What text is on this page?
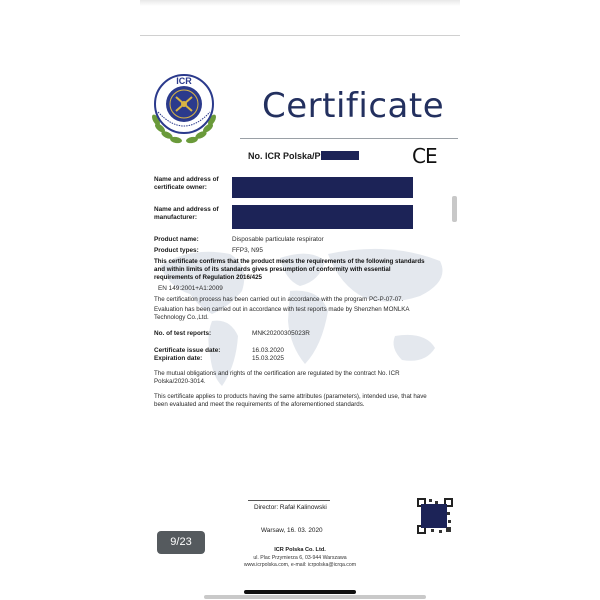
ICR
Certificate
No. ICR Polska/P	CE
Name and address of
certificate owner:
Name and address of
manufacturer:
Product name:	Disposable particulate respirator
Product types:	FFP3, N95
This certificate confirms that the product meets the requirements of the following standards
and within limits of its standards gives presumption of conformity with essential
requirements of Regulation 2016/425
EN 149:2001+A1:2009
The certification process has been carried out in accordance with the program PC-P-07-07.
Evaluation has been carried out in accordance with test reports made by Shenzhen MONLKA
Technology Co.,Ltd.
No. of test reports:	MNK20200305023R
Certificate issue date:	16.03.2020
Expiration date:	15.03.2025
The mutual obligations and rights of the certification are regulated by the contract No. ICR
Polska/2020-3014.
This certificate applies to products having the same attributes (parameters), intended use, that have
been evaluated and meet the requirements of the aforementioned standards.
Director: Rafał Kalinowski
Warsaw, 16. 03. 2020
ICR Polska Co. Ltd.
ul. Plac Przymierza 6, 03-944 Warszawa
www.icrpolska.com, e-mail: icrpolska@icrqa.com
9/23
